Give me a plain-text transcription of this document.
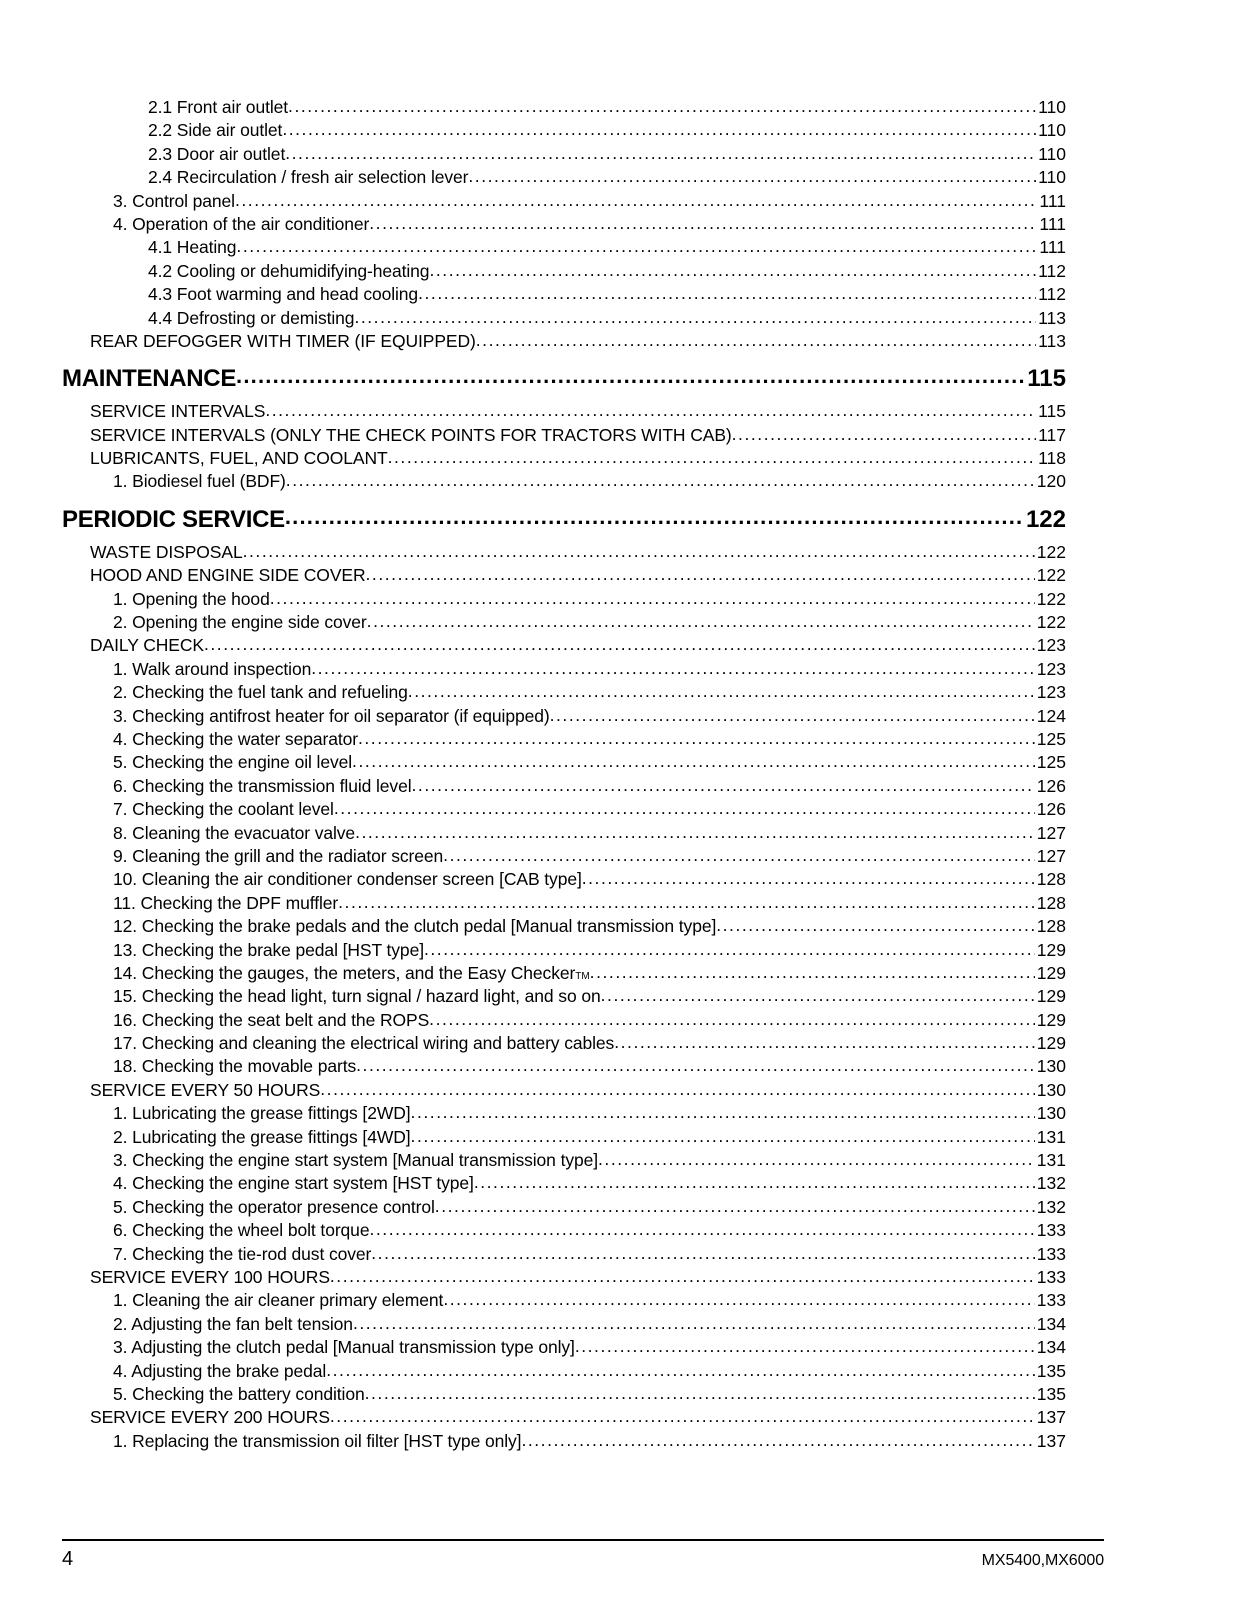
2.1 Front air outlet .....	110
2.2 Side air outlet .....	110
2.3 Door air outlet .....	110
2.4 Recirculation / fresh air selection lever .....	110
3. Control panel .....	111
4. Operation of the air conditioner .....	111
4.1 Heating .....	111
4.2 Cooling or dehumidifying-heating .....	112
4.3 Foot warming and head cooling .....	112
4.4 Defrosting or demisting .....	113
REAR DEFOGGER WITH TIMER (IF EQUIPPED) .....	113
MAINTENANCE .....	115
SERVICE INTERVALS .....	115
SERVICE INTERVALS (ONLY THE CHECK POINTS FOR TRACTORS WITH CAB) .....	117
LUBRICANTS, FUEL, AND COOLANT .....	118
1. Biodiesel fuel (BDF) .....	120
PERIODIC SERVICE .....	122
WASTE DISPOSAL .....	122
HOOD AND ENGINE SIDE COVER .....	122
1. Opening the hood .....	122
2. Opening the engine side cover .....	122
DAILY CHECK .....	123
1. Walk around inspection .....	123
2. Checking the fuel tank and refueling .....	123
3. Checking antifrost heater for oil separator (if equipped) .....	124
4. Checking the water separator .....	125
5. Checking the engine oil level .....	125
6. Checking the transmission fluid level .....	126
7. Checking the coolant level .....	126
8. Cleaning the evacuator valve .....	127
9. Cleaning the grill and the radiator screen .....	127
10. Cleaning the air conditioner condenser screen [CAB type] .....	128
11. Checking the DPF muffler .....	128
12. Checking the brake pedals and the clutch pedal [Manual transmission type] .....	128
13. Checking the brake pedal [HST type] .....	129
14. Checking the gauges, the meters, and the Easy Checker TM .....	129
15. Checking the head light, turn signal / hazard light, and so on .....	129
16. Checking the seat belt and the ROPS .....	129
17. Checking and cleaning the electrical wiring and battery cables .....	129
18. Checking the movable parts .....	130
SERVICE EVERY 50 HOURS .....	130
1. Lubricating the grease fittings [2WD] .....	130
2. Lubricating the grease fittings [4WD] .....	131
3. Checking the engine start system [Manual transmission type] .....	131
4. Checking the engine start system [HST type] .....	132
5. Checking the operator presence control .....	132
6. Checking the wheel bolt torque .....	133
7. Checking the tie-rod dust cover .....	133
SERVICE EVERY 100 HOURS .....	133
1. Cleaning the air cleaner primary element .....	133
2. Adjusting the fan belt tension .....	134
3. Adjusting the clutch pedal [Manual transmission type only] .....	134
4. Adjusting the brake pedal .....	135
5. Checking the battery condition .....	135
SERVICE EVERY 200 HOURS .....	137
1. Replacing the transmission oil filter [HST type only] .....	137
4	MX5400,MX6000
